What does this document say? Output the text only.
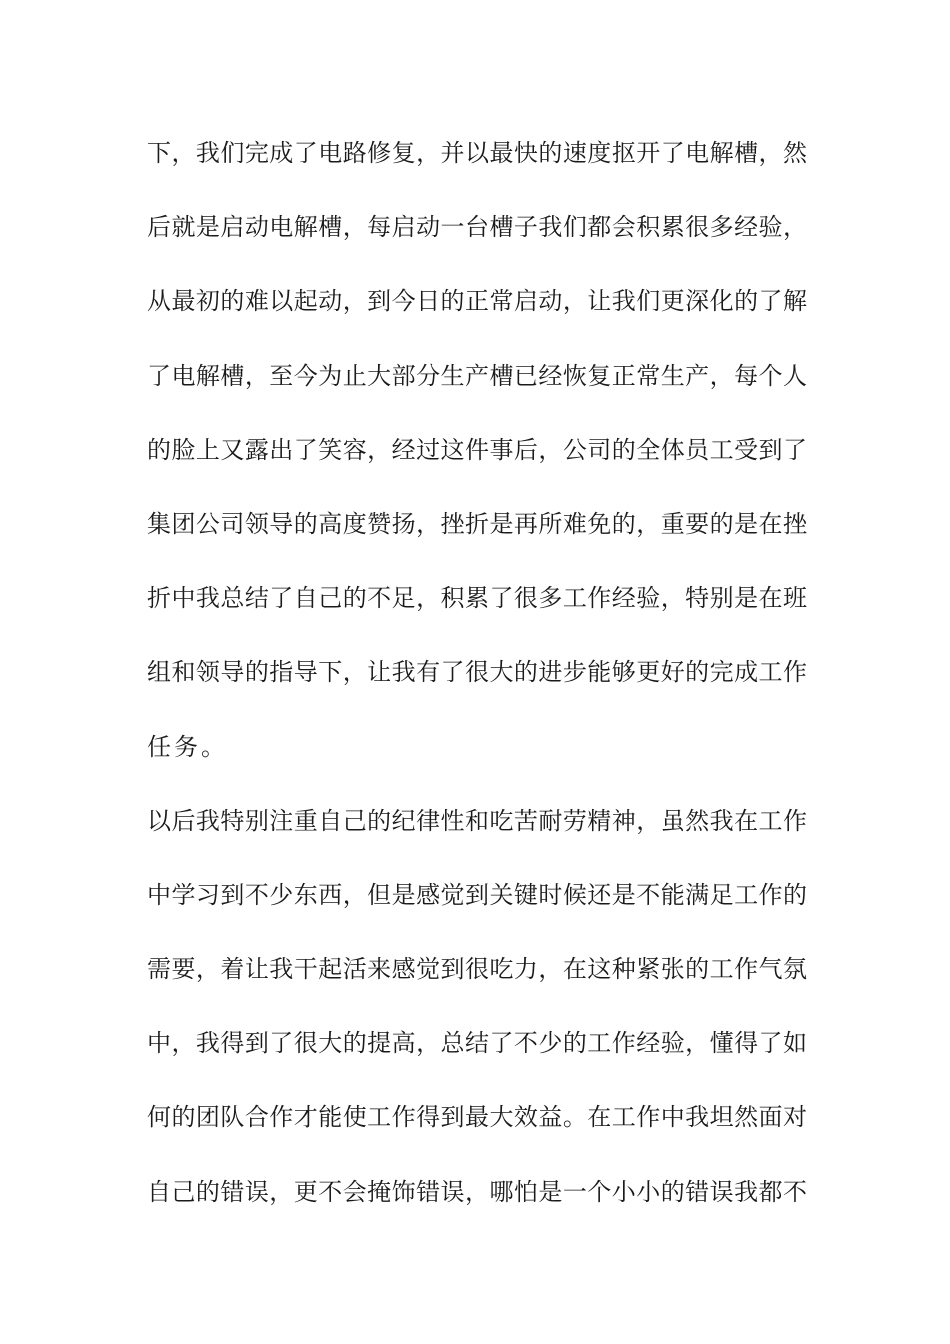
下，我们完成了电路修复，并以最快的速度抠开了电解槽，然
后就是启动电解槽，每启动一台槽子我们都会积累很多经验，
从最初的难以起动，到今日的正常启动，让我们更深化的了解
了电解槽，至今为止大部分生产槽已经恢复正常生产，每个人
的脸上又露出了笑容，经过这件事后，公司的全体员工受到了
集团公司领导的高度赞扬，挫折是再所难免的，重要的是在挫
折中我总结了自己的不足，积累了很多工作经验，特别是在班
组和领导的指导下，让我有了很大的进步能够更好的完成工作
任务。
以后我特别注重自己的纪律性和吃苦耐劳精神，虽然我在工作
中学习到不少东西，但是感觉到关键时候还是不能满足工作的
需要，着让我干起活来感觉到很吃力，在这种紧张的工作气氛
中，我得到了很大的提高，总结了不少的工作经验，懂得了如
何的团队合作才能使工作得到最大效益。在工作中我坦然面对
自己的错误，更不会掩饰错误，哪怕是一个小小的错误我都不
